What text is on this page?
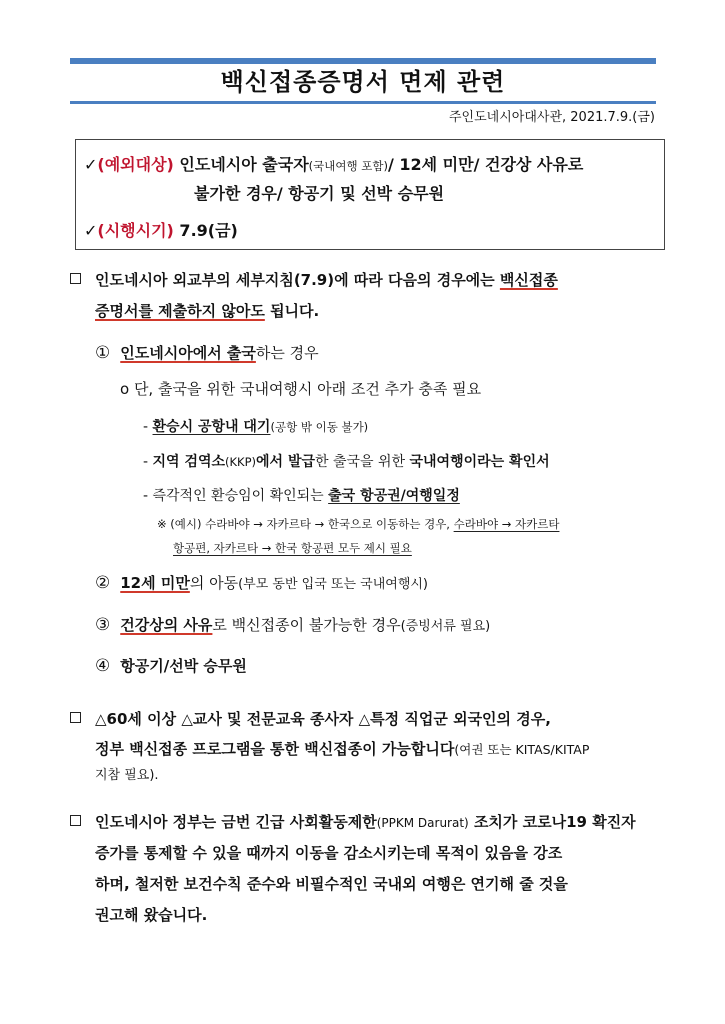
백신접종증명서 면제 관련
주인도네시아대사관, 2021.7.9.(금)
✓(예외대상) 인도네시아 출국자(국내여행 포함)/ 12세 미만/ 건강상 사유로
불가한 경우/ 항공기 및 선박 승무원
✓(시행시기) 7.9(금)
인도네시아 외교부의 세부지침(7.9)에 따라 다음의 경우에는 백신접종
증명서를 제출하지 않아도 됩니다.
① 인도네시아에서 출국하는 경우
o 단, 출국을 위한 국내여행시 아래 조건 추가 충족 필요
- 환승시 공항내 대기(공항 밖 이동 불가)
- 지역 검역소(KKP)에서 발급한 출국을 위한 국내여행이라는 확인서
- 즉각적인 환승임이 확인되는 출국 항공권/여행일정
※ (예시) 수라바야 → 자카르타 → 한국으로 이동하는 경우, 수라바야 → 자카르타
항공편, 자카르타 → 한국 항공편 모두 제시 필요
② 12세 미만의 아동(부모 동반 입국 또는 국내여행시)
③ 건강상의 사유로 백신접종이 불가능한 경우(증빙서류 필요)
④ 항공기/선박 승무원
△60세 이상 △교사 및 전문교육 종사자 △특정 직업군 외국인의 경우,
정부 백신접종 프로그램을 통한 백신접종이 가능합니다(여권 또는 KITAS/KITAP
지참 필요).
인도네시아 정부는 금번 긴급 사회활동제한(PPKM Darurat) 조치가 코로나19 확진자
증가를 통제할 수 있을 때까지 이동을 감소시키는데 목적이 있음을 강조
하며, 철저한 보건수칙 준수와 비필수적인 국내외 여행은 연기해 줄 것을
권고해 왔습니다.
